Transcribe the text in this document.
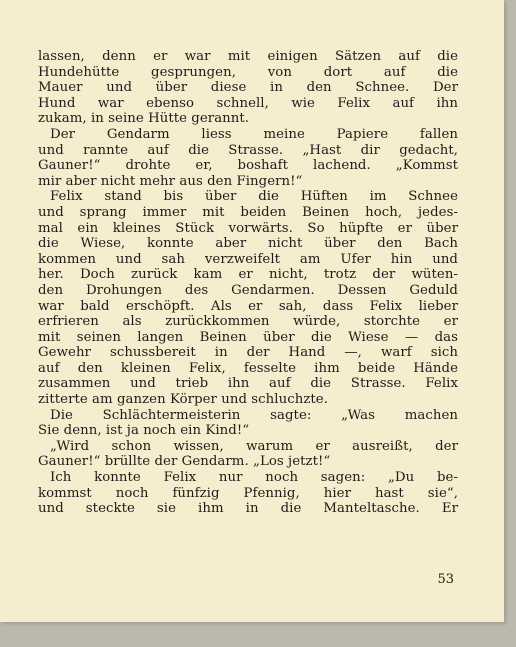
lassen, denn er war mit einigen Sätzen auf die
Hundehütte gesprungen, von dort auf die
Mauer und über diese in den Schnee. Der
Hund war ebenso schnell, wie Felix auf ihn
zukam, in seine Hütte gerannt.
Der Gendarm liess meine Papiere fallen
und rannte auf die Strasse. „Hast dir gedacht,
Gauner!“ drohte er, boshaft lachend. „Kommst
mir aber nicht mehr aus den Fingern!“
Felix stand bis über die Hüften im Schnee
und sprang immer mit beiden Beinen hoch, jedes-
mal ein kleines Stück vorwärts. So hüpfte er über
die Wiese, konnte aber nicht über den Bach
kommen und sah verzweifelt am Ufer hin und
her. Doch zurück kam er nicht, trotz der wüten-
den Drohungen des Gendarmen. Dessen Geduld
war bald erschöpft. Als er sah, dass Felix lieber
erfrieren als zurückkommen würde, storchte er
mit seinen langen Beinen über die Wiese — das
Gewehr schussbereit in der Hand —, warf sich
auf den kleinen Felix, fesselte ihm beide Hände
zusammen und trieb ihn auf die Strasse. Felix
zitterte am ganzen Körper und schluchzte.
Die Schlächtermeisterin sagte: „Was machen
Sie denn, ist ja noch ein Kind!“
„Wird schon wissen, warum er ausreißt, der
Gauner!“ brüllte der Gendarm. „Los jetzt!“
Ich konnte Felix nur noch sagen: „Du be-
kommst noch fünfzig Pfennig, hier hast sie“,
und steckte sie ihm in die Manteltasche. Er
53
